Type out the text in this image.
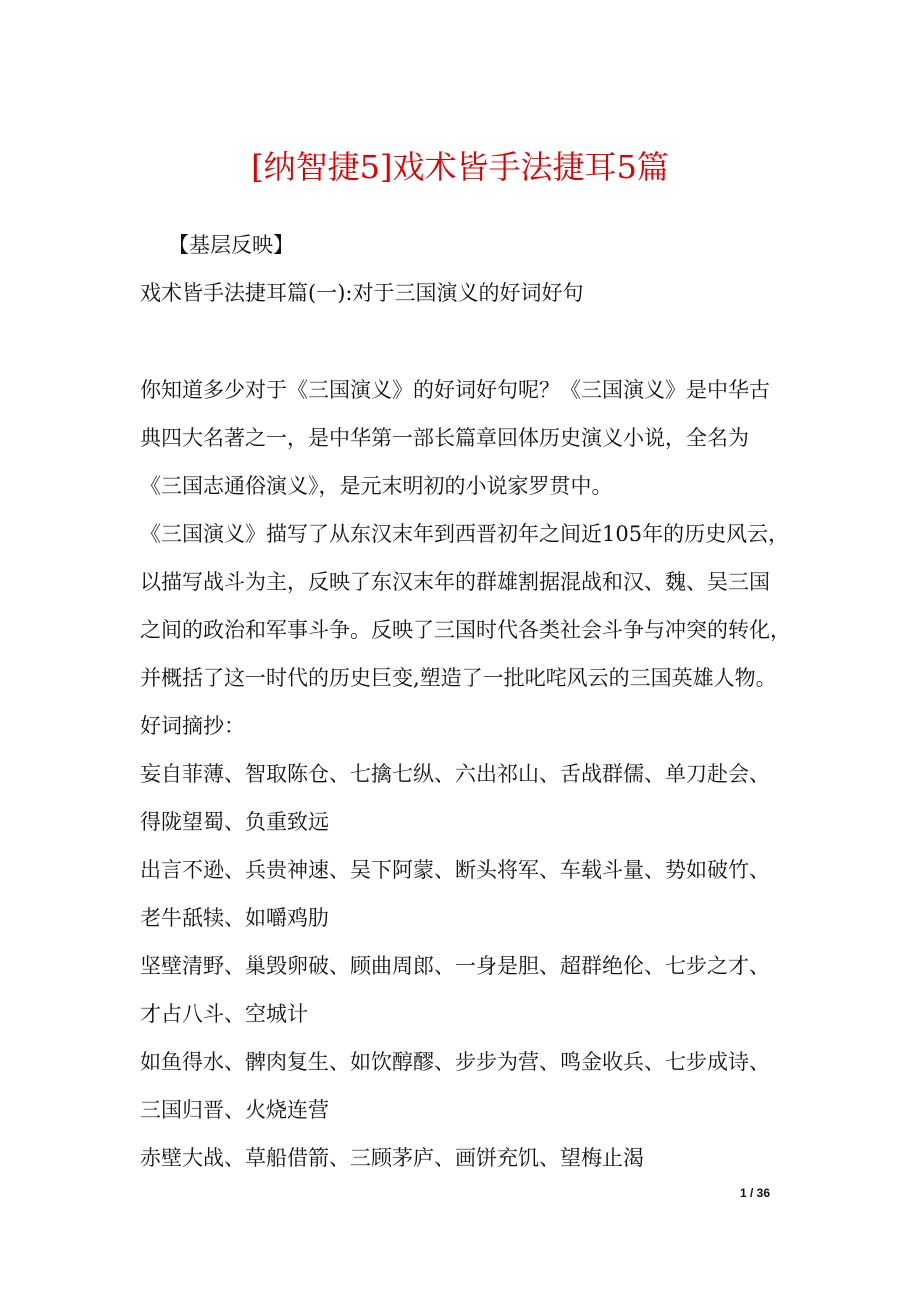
[纳智捷5]戏术皆手法捷耳5篇
【基层反映】
戏术皆手法捷耳篇(一):对于三国演义的好词好句
你知道多少对于《三国演义》的好词好句呢？《三国演义》是中华古
典四大名著之一，是中华第一部长篇章回体历史演义小说，全名为
《三国志通俗演义》，是元末明初的小说家罗贯中。
《三国演义》描写了从东汉末年到西晋初年之间近105年的历史风云，
以描写战斗为主，反映了东汉末年的群雄割据混战和汉、魏、吴三国
之间的政治和军事斗争。反映了三国时代各类社会斗争与冲突的转化，
并概括了这一时代的历史巨变,塑造了一批叱咤风云的三国英雄人物。
好词摘抄：
妄自菲薄、智取陈仓、七擒七纵、六出祁山、舌战群儒、单刀赴会、
得陇望蜀、负重致远
出言不逊、兵贵神速、吴下阿蒙、断头将军、车载斗量、势如破竹、
老牛舐犊、如嚼鸡肋
坚壁清野、巢毁卵破、顾曲周郎、一身是胆、超群绝伦、七步之才、
才占八斗、空城计
如鱼得水、髀肉复生、如饮醇醪、步步为营、鸣金收兵、七步成诗、
三国归晋、火烧连营
赤壁大战、草船借箭、三顾茅庐、画饼充饥、望梅止渴
1 / 36
